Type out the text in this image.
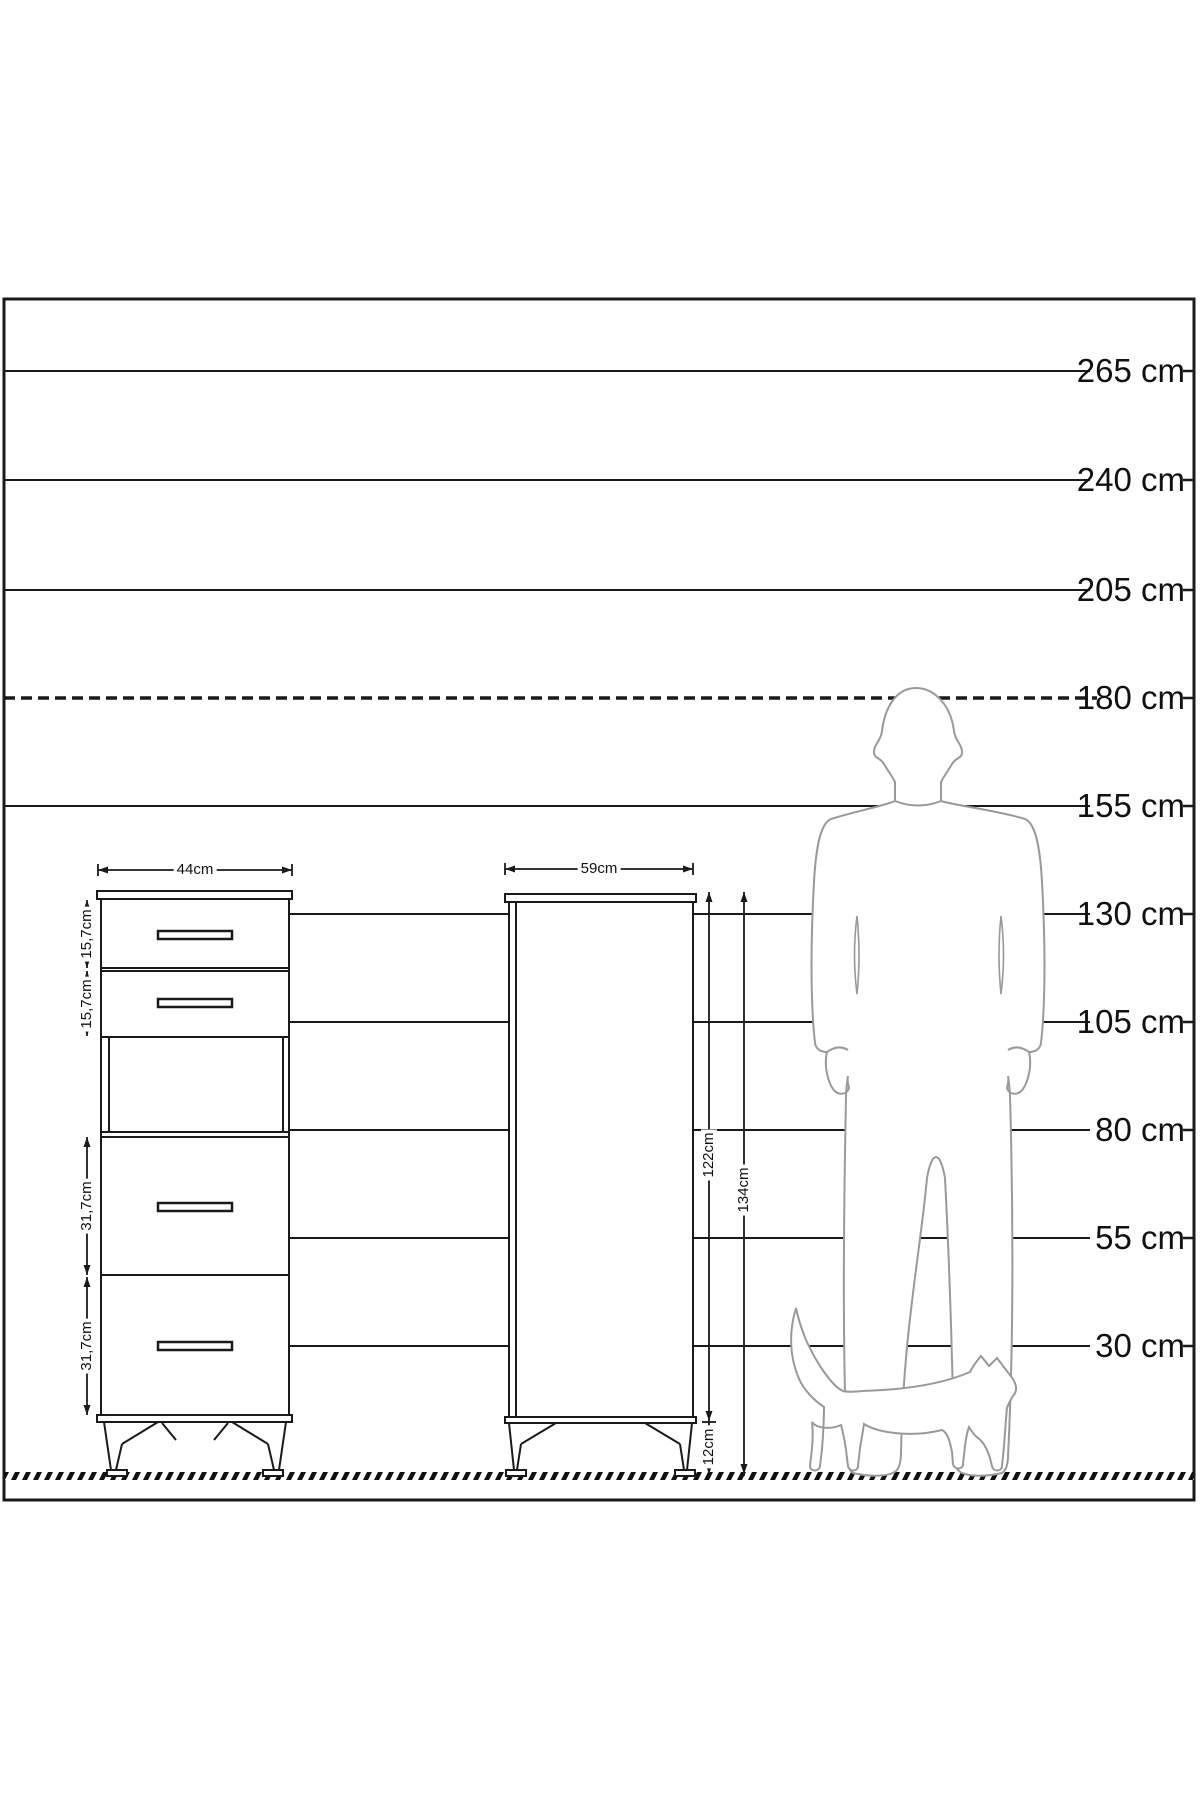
265 cm
240 cm
205 cm
180 cm
155 cm
130 cm
105 cm
80 cm
55 cm
30 cm
44cm	59cm
15,7cm
15,7cm
31,7cm
31,7cm
122cm
134cm
12cm
